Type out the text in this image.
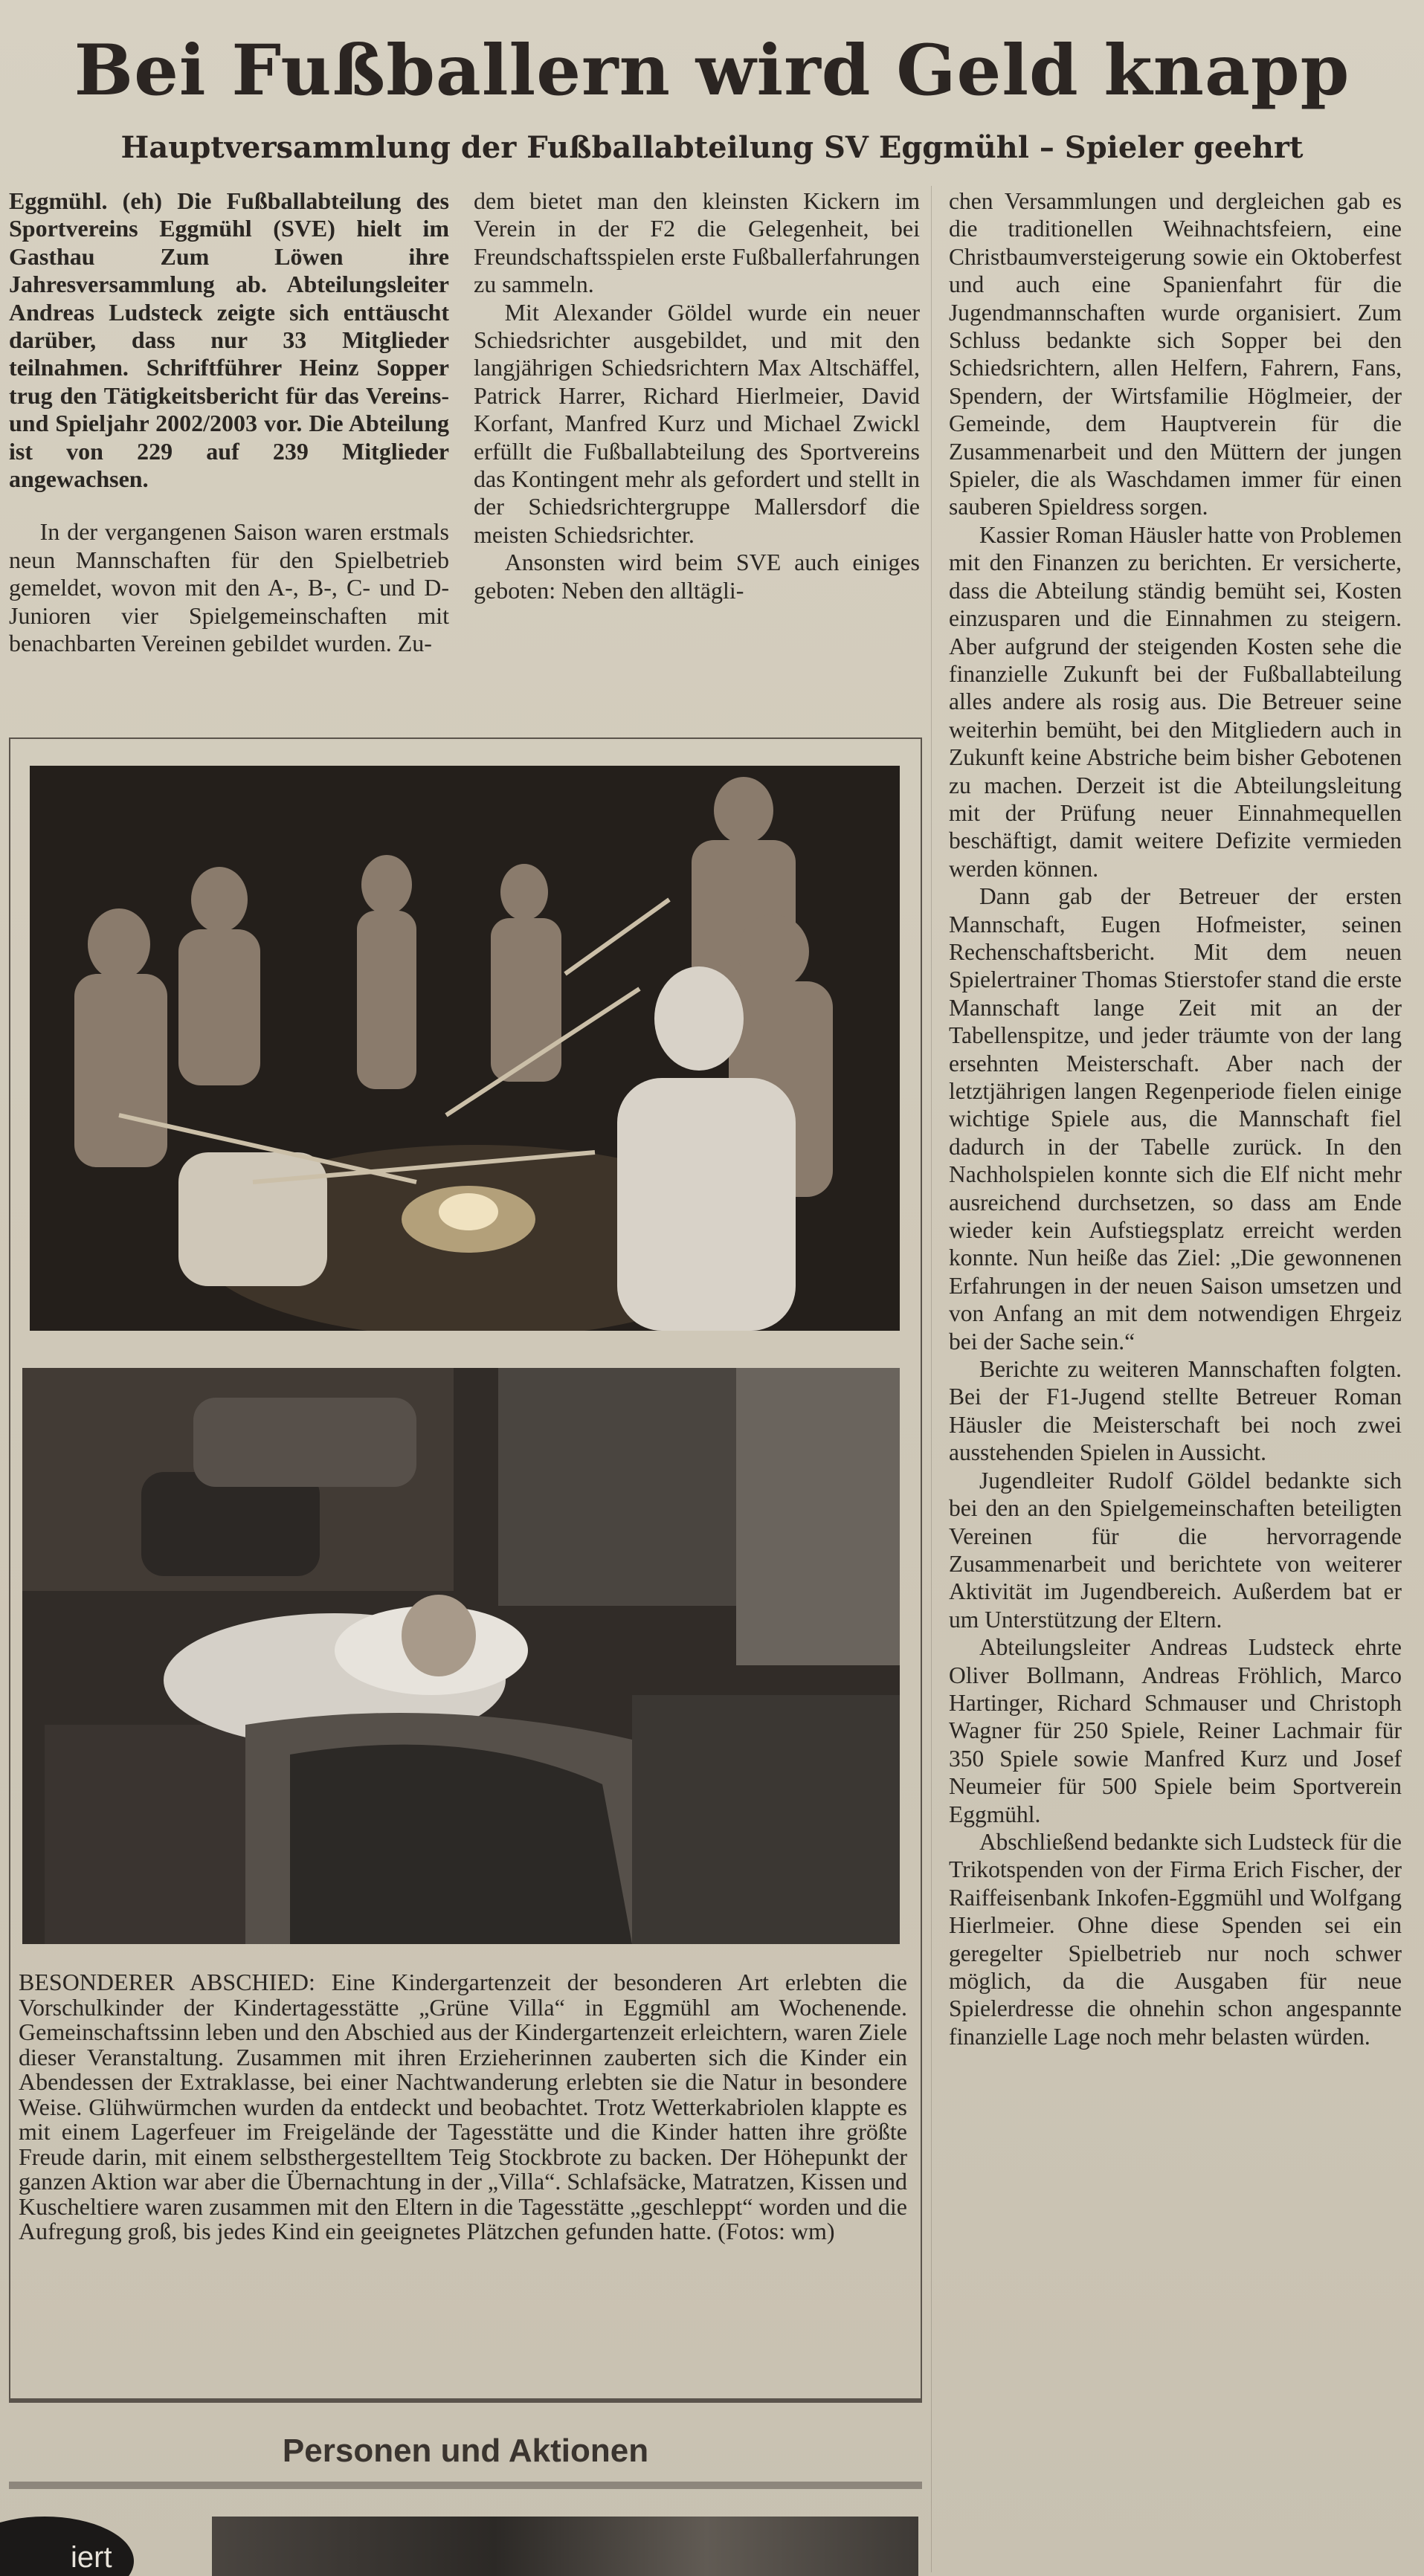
Bei Fußballern wird Geld knapp
Hauptversammlung der Fußballabteilung SV Eggmühl – Spieler geehrt

Eggmühl. (eh) Die Fußballabteilung des Sportvereins Eggmühl (SVE) hielt im Gasthau Zum Löwen ihre Jahresversammlung ab. Abteilungsleiter Andreas Ludsteck zeigte sich enttäuscht darüber, dass nur 33 Mitglieder teilnahmen. Schriftführer Heinz Sopper trug den Tätigkeitsbericht für das Vereins- und Spieljahr 2002/2003 vor. Die Abteilung ist von 229 auf 239 Mitglieder angewachsen.

In der vergangenen Saison waren erstmals neun Mannschaften für den Spielbetrieb gemeldet, wovon mit den A-, B-, C- und D-Junioren vier Spielgemeinschaften mit benachbarten Vereinen gebildet wurden. Zu-

dem bietet man den kleinsten Kickern im Verein in der F2 die Gelegenheit, bei Freundschaftsspielen erste Fußballerfahrungen zu sammeln.

Mit Alexander Göldel wurde ein neuer Schiedsrichter ausgebildet, und mit den langjährigen Schiedsrichtern Max Altschäffel, Patrick Harrer, Richard Hierlmeier, David Korfant, Manfred Kurz und Michael Zwickl erfüllt die Fußballabteilung des Sportvereins das Kontingent mehr als gefordert und stellt in der Schiedsrichtergruppe Mallersdorf die meisten Schiedsrichter.

Ansonsten wird beim SVE auch einiges geboten: Neben den alltägli-

chen Versammlungen und dergleichen gab es die traditionellen Weihnachtsfeiern, eine Christbaumversteigerung sowie ein Oktoberfest und auch eine Spanienfahrt für die Jugendmannschaften wurde organisiert. Zum Schluss bedankte sich Sopper bei den Schiedsrichtern, allen Helfern, Fahrern, Fans, Spendern, der Wirtsfamilie Höglmeier, der Gemeinde, dem Hauptverein für die Zusammenarbeit und den Müttern der jungen Spieler, die als Waschdamen immer für einen sauberen Spieldress sorgen.

Kassier Roman Häusler hatte von Problemen mit den Finanzen zu berichten. Er versicherte, dass die Abteilung ständig bemüht sei, Kosten einzusparen und die Einnahmen zu steigern. Aber aufgrund der steigenden Kosten sehe die finanzielle Zukunft bei der Fußballabteilung alles andere als rosig aus. Die Betreuer seine weiterhin bemüht, bei den Mitgliedern auch in Zukunft keine Abstriche beim bisher Gebotenen zu machen. Derzeit ist die Abteilungsleitung mit der Prüfung neuer Einnahmequellen beschäftigt, damit weitere Defizite vermieden werden können.

Dann gab der Betreuer der ersten Mannschaft, Eugen Hofmeister, seinen Rechenschaftsbericht. Mit dem neuen Spielertrainer Thomas Stierstofer stand die erste Mannschaft lange Zeit mit an der Tabellenspitze, und jeder träumte von der lang ersehnten Meisterschaft. Aber nach der letztjährigen langen Regenperiode fielen einige wichtige Spiele aus, die Mannschaft fiel dadurch in der Tabelle zurück. In den Nachholspielen konnte sich die Elf nicht mehr ausreichend durchsetzen, so dass am Ende wieder kein Aufstiegsplatz erreicht werden konnte. Nun heiße das Ziel: „Die gewonnenen Erfahrungen in der neuen Saison umsetzen und von Anfang an mit dem notwendigen Ehrgeiz bei der Sache sein.“

Berichte zu weiteren Mannschaften folgten. Bei der F1-Jugend stellte Betreuer Roman Häusler die Meisterschaft bei noch zwei ausstehenden Spielen in Aussicht.

Jugendleiter Rudolf Göldel bedankte sich bei den an den Spielgemeinschaften beteiligten Vereinen für die hervorragende Zusammenarbeit und berichtete von weiterer Aktivität im Jugendbereich. Außerdem bat er um Unterstützung der Eltern.

Abteilungsleiter Andreas Ludsteck ehrte Oliver Bollmann, Andreas Fröhlich, Marco Hartinger, Richard Schmauser und Christoph Wagner für 250 Spiele, Reiner Lachmair für 350 Spiele sowie Manfred Kurz und Josef Neumeier für 500 Spiele beim Sportverein Eggmühl.

Abschließend bedankte sich Ludsteck für die Trikotspenden von der Firma Erich Fischer, der Raiffeisenbank Inkofen-Eggmühl und Wolfgang Hierlmeier. Ohne diese Spenden sei ein geregelter Spielbetrieb nur noch schwer möglich, da die Ausgaben für neue Spielerdresse die ohnehin schon angespannte finanzielle Lage noch mehr belasten würden.

BESONDERER ABSCHIED: Eine Kindergartenzeit der besonderen Art erlebten die Vorschulkinder der Kindertagesstätte „Grüne Villa“ in Eggmühl am Wochenende. Gemeinschaftssinn leben und den Abschied aus der Kindergartenzeit erleichtern, waren Ziele dieser Veranstaltung. Zusammen mit ihren Erzieherinnen zauberten sich die Kinder ein Abendessen der Extraklasse, bei einer Nachtwanderung erlebten sie die Natur in besondere Weise. Glühwürmchen wurden da entdeckt und beobachtet. Trotz Wetterkabriolen klappte es mit einem Lagerfeuer im Freigelände der Tagesstätte und die Kinder hatten ihre größte Freude darin, mit einem selbsthergestelltem Teig Stockbrote zu backen. Der Höhepunkt der ganzen Aktion war aber die Übernachtung in der „Villa“. Schlafsäcke, Matratzen, Kissen und Kuscheltiere waren zusammen mit den Eltern in die Tagesstätte „geschleppt“ worden und die Aufregung groß, bis jedes Kind ein geeignetes Plätzchen gefunden hatte. (Fotos: wm)

Personen und Aktionen
iert
